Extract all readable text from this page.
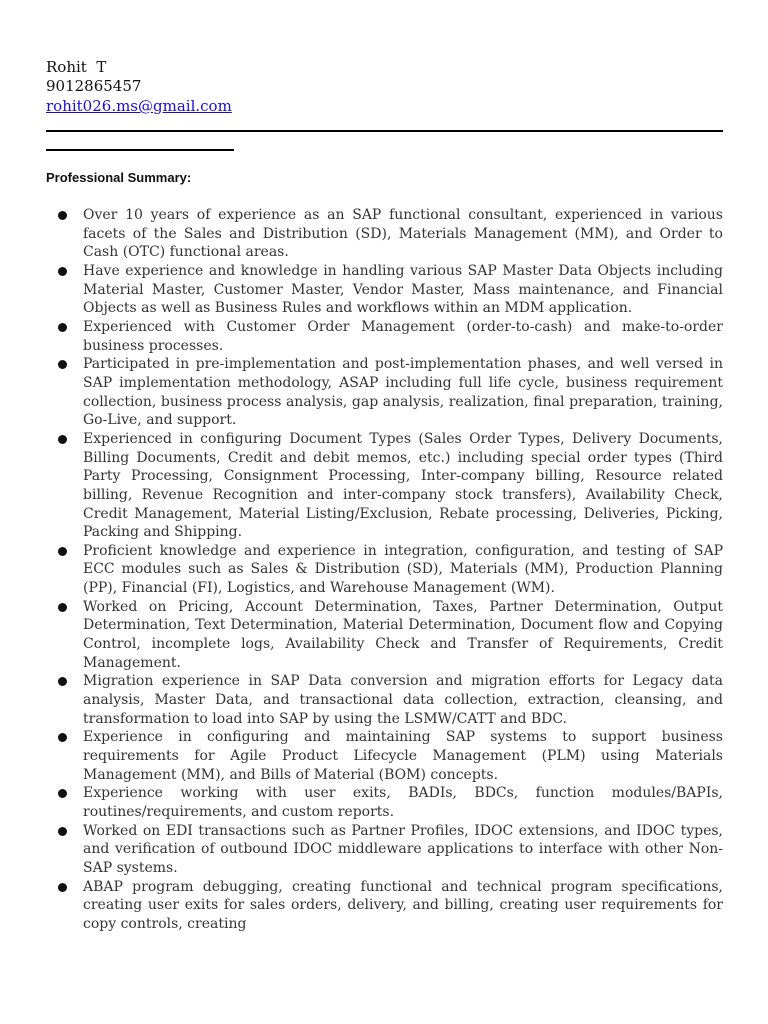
Rohit  T
9012865457
rohit026.ms@gmail.com
Professional Summary:
Over 10 years of experience as an SAP functional consultant, experienced in various facets of the Sales and Distribution (SD), Materials Management (MM), and Order to Cash (OTC) functional areas.
Have experience and knowledge in handling various SAP Master Data Objects including Material Master, Customer Master, Vendor Master, Mass maintenance, and Financial Objects as well as Business Rules and workflows within an MDM application.
Experienced with Customer Order Management (order-to-cash) and make-to-order business processes.
Participated in pre-implementation and post-implementation phases, and well versed in SAP implementation methodology, ASAP including full life cycle, business requirement collection, business process analysis, gap analysis, realization, final preparation, training, Go-Live, and support.
Experienced in configuring Document Types (Sales Order Types, Delivery Documents, Billing Documents, Credit and debit memos, etc.) including special order types (Third Party Processing, Consignment Processing, Inter-company billing, Resource related billing, Revenue Recognition and inter-company stock transfers), Availability Check, Credit Management, Material Listing/Exclusion, Rebate processing, Deliveries, Picking, Packing and Shipping.
Proficient knowledge and experience in integration, configuration, and testing of SAP ECC modules such as Sales & Distribution (SD), Materials (MM), Production Planning (PP), Financial (FI), Logistics, and Warehouse Management (WM).
Worked on Pricing, Account Determination, Taxes, Partner Determination, Output Determination, Text Determination, Material Determination, Document flow and Copying Control, incomplete logs, Availability Check and Transfer of Requirements, Credit Management.
Migration experience in SAP Data conversion and migration efforts for Legacy data analysis, Master Data, and transactional data collection, extraction, cleansing, and transformation to load into SAP by using the LSMW/CATT and BDC.
Experience in configuring and maintaining SAP systems to support business requirements for Agile Product Lifecycle Management (PLM) using Materials Management (MM), and Bills of Material (BOM) concepts.
Experience working with user exits, BADIs, BDCs, function modules/BAPIs, routines/requirements, and custom reports.
Worked on EDI transactions such as Partner Profiles, IDOC extensions, and IDOC types, and verification of outbound IDOC middleware applications to interface with other Non-SAP systems.
ABAP program debugging, creating functional and technical program specifications, creating user exits for sales orders, delivery, and billing, creating user requirements for copy controls, creating
